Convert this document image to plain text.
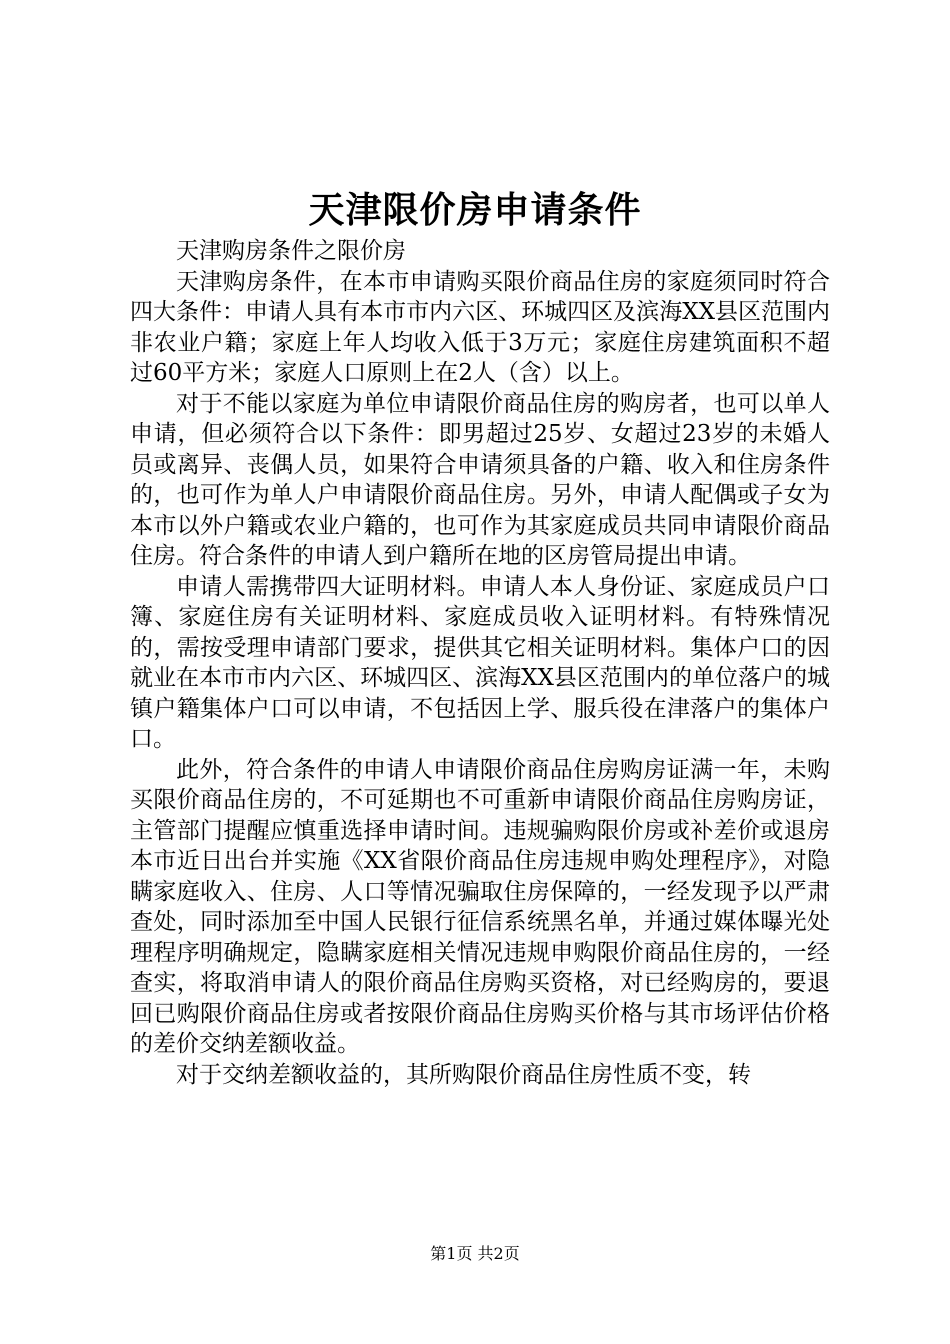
天津限价房申请条件

天津购房条件之限价房

天津购房条件，在本市申请购买限价商品住房的家庭须同时符合四大条件：申请人具有本市市内六区、环城四区及滨海XX县区范围内非农业户籍；家庭上年人均收入低于3万元；家庭住房建筑面积不超过60平方米；家庭人口原则上在2人（含）以上。

对于不能以家庭为单位申请限价商品住房的购房者，也可以单人申请，但必须符合以下条件：即男超过25岁、女超过23岁的未婚人员或离异、丧偶人员，如果符合申请须具备的户籍、收入和住房条件的，也可作为单人户申请限价商品住房。另外，申请人配偶或子女为本市以外户籍或农业户籍的，也可作为其家庭成员共同申请限价商品住房。符合条件的申请人到户籍所在地的区房管局提出申请。

申请人需携带四大证明材料。申请人本人身份证、家庭成员户口簿、家庭住房有关证明材料、家庭成员收入证明材料。有特殊情况的，需按受理申请部门要求，提供其它相关证明材料。集体户口的因就业在本市市内六区、环城四区、滨海XX县区范围内的单位落户的城镇户籍集体户口可以申请，不包括因上学、服兵役在津落户的集体户口。

此外，符合条件的申请人申请限价商品住房购房证满一年，未购买限价商品住房的，不可延期也不可重新申请限价商品住房购房证，主管部门提醒应慎重选择申请时间。违规骗购限价房或补差价或退房本市近日出台并实施《XX省限价商品住房违规申购处理程序》，对隐瞒家庭收入、住房、人口等情况骗取住房保障的，一经发现予以严肃查处，同时添加至中国人民银行征信系统黑名单，并通过媒体曝光处理程序明确规定，隐瞒家庭相关情况违规申购限价商品住房的，一经查实，将取消申请人的限价商品住房购买资格，对已经购房的，要退回已购限价商品住房或者按限价商品住房购买价格与其市场评估价格的差价交纳差额收益。

对于交纳差额收益的，其所购限价商品住房性质不变，转

第1页 共2页
